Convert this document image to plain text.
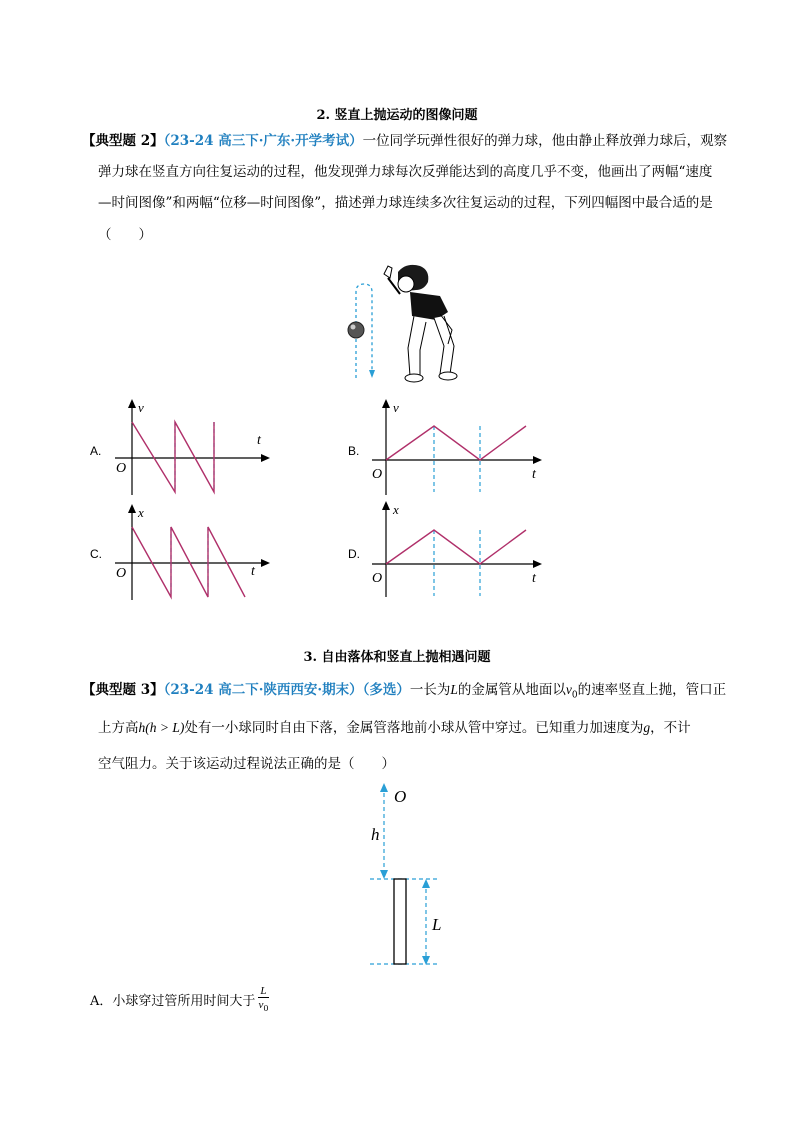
2. 竖直上抛运动的图像问题
【典型题 2】（23-24 高三下·广东·开学考试）一位同学玩弹性很好的弹力球，他由静止释放弹力球后，观察
弹力球在竖直方向往复运动的过程，他发现弹力球每次反弹能达到的高度几乎不变，他画出了两幅“速度
—时间图像”和两幅“位移—时间图像”，描述弹力球连续多次往复运动的过程，下列四幅图中最合适的是
（　　）
A.	B.
C.	D.
v
t
O
v
t
O
x
t
O
x
t
O
3. 自由落体和竖直上抛相遇问题
【典型题 3】（23-24 高二下·陕西西安·期末）（多选）一长为L的金属管从地面以$v_0$的速率竖直上抛，管口正
上方高h(h > L)处有一小球同时自由下落，金属管落地前小球从管中穿过。已知重力加速度为g，不计
空气阻力。关于该运动过程说法正确的是（　　）
O
h
L
A．小球穿过管所用时间大于
L
$v_0$
